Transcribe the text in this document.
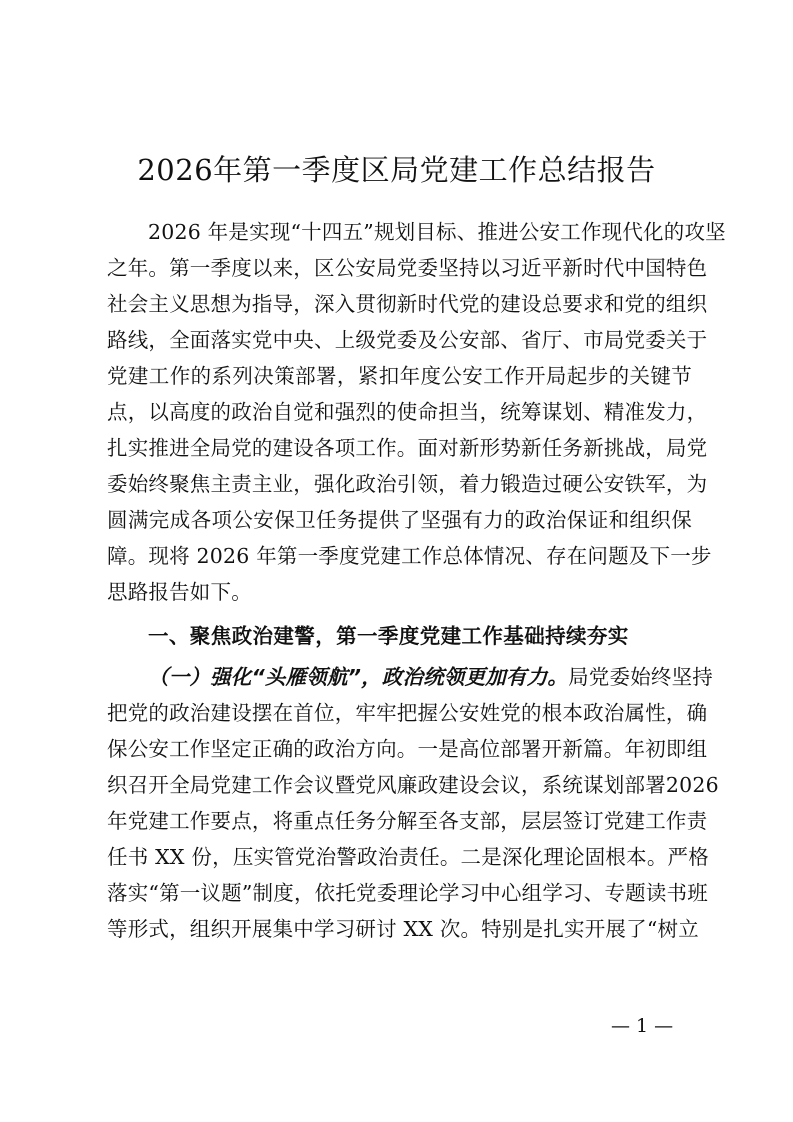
2026年第一季度区局党建工作总结报告
2026 年是实现“十四五”规划目标、推进公安工作现代化的攻坚
之年。第一季度以来，区公安局党委坚持以习近平新时代中国特色
社会主义思想为指导，深入贯彻新时代党的建设总要求和党的组织
路线，全面落实党中央、上级党委及公安部、省厅、市局党委关于
党建工作的系列决策部署，紧扣年度公安工作开局起步的关键节
点，以高度的政治自觉和强烈的使命担当，统筹谋划、精准发力，
扎实推进全局党的建设各项工作。面对新形势新任务新挑战，局党
委始终聚焦主责主业，强化政治引领，着力锻造过硬公安铁军，为
圆满完成各项公安保卫任务提供了坚强有力的政治保证和组织保
障。现将 2026 年第一季度党建工作总体情况、存在问题及下一步
思路报告如下。
一、聚焦政治建警，第一季度党建工作基础持续夯实
（一）强化“头雁领航”，政治统领更加有力。局党委始终坚持
把党的政治建设摆在首位，牢牢把握公安姓党的根本政治属性，确
保公安工作坚定正确的政治方向。一是高位部署开新篇。年初即组
织召开全局党建工作会议暨党风廉政建设会议，系统谋划部署2026
年党建工作要点，将重点任务分解至各支部，层层签订党建工作责
任书 XX 份，压实管党治警政治责任。二是深化理论固根本。严格
落实“第一议题”制度，依托党委理论学习中心组学习、专题读书班
等形式，组织开展集中学习研讨 XX 次。特别是扎实开展了“树立
— 1 —
